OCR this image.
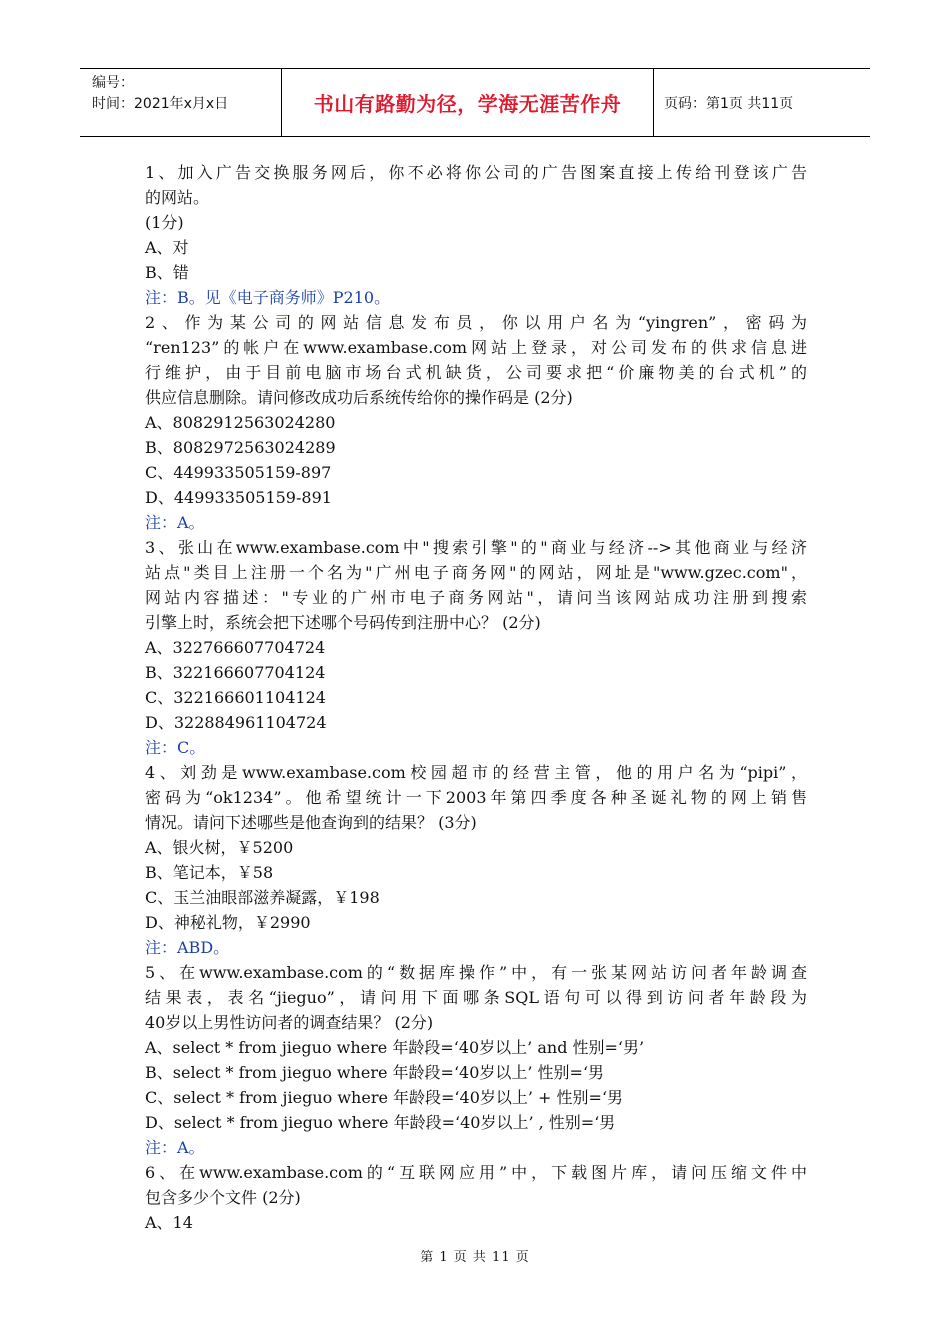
编号：
时间：2021年x月x日	书山有路勤为径，学海无涯苦作舟	页码：第1页 共11页

1、加入广告交换服务网后，你不必将你公司的广告图案直接上传给刊登该广告

的网站。

(1分)

A、对

B、错

注：B。见《电子商务师》P210。

2、作为某公司的网站信息发布员，你以用户名为“yingren”，密码为

“ren123”的帐户在www.exambase.com网站上登录，对公司发布的供求信息进

行维护，由于目前电脑市场台式机缺货，公司要求把“价廉物美的台式机”的

供应信息删除。请问修改成功后系统传给你的操作码是 (2分)

A、8082912563024280

B、8082972563024289

C、449933505159-897

D、449933505159-891

注：A。

3、张山在www.exambase.com中"搜索引擎"的"商业与经济-->其他商业与经济

站点"类目上注册一个名为"广州电子商务网"的网站，网址是"www.gzec.com"，

网站内容描述："专业的广州市电子商务网站"，请问当该网站成功注册到搜索

引擎上时，系统会把下述哪个号码传到注册中心？ (2分)

A、322766607704724

B、322166607704124

C、322166601104124

D、322884961104724

注：C。

4、刘劲是www.exambase.com校园超市的经营主管，他的用户名为“pipi”，

密码为“ok1234”。他希望统计一下2003年第四季度各种圣诞礼物的网上销售

情况。请问下述哪些是他查询到的结果？ (3分)

A、银火树，￥5200

B、笔记本，￥58

C、玉兰油眼部滋养凝露，￥198

D、神秘礼物，￥2990

注：ABD。

5、在www.exambase.com的“数据库操作”中，有一张某网站访问者年龄调查

结果表，表名“jieguo”，请问用下面哪条SQL语句可以得到访问者年龄段为

40岁以上男性访问者的调查结果？ (2分)

A、select * from jieguo where 年龄段=‘40岁以上’ and 性别=‘男’

B、select * from jieguo where 年龄段=‘40岁以上’ 性别=‘男

C、select * from jieguo where 年龄段=‘40岁以上’ + 性别=‘男

D、select * from jieguo where 年龄段=‘40岁以上’ , 性别=‘男

注：A。

6、在www.exambase.com的“互联网应用”中，下载图片库，请问压缩文件中

包含多少个文件 (2分)

A、14

第 1 页 共 11 页
